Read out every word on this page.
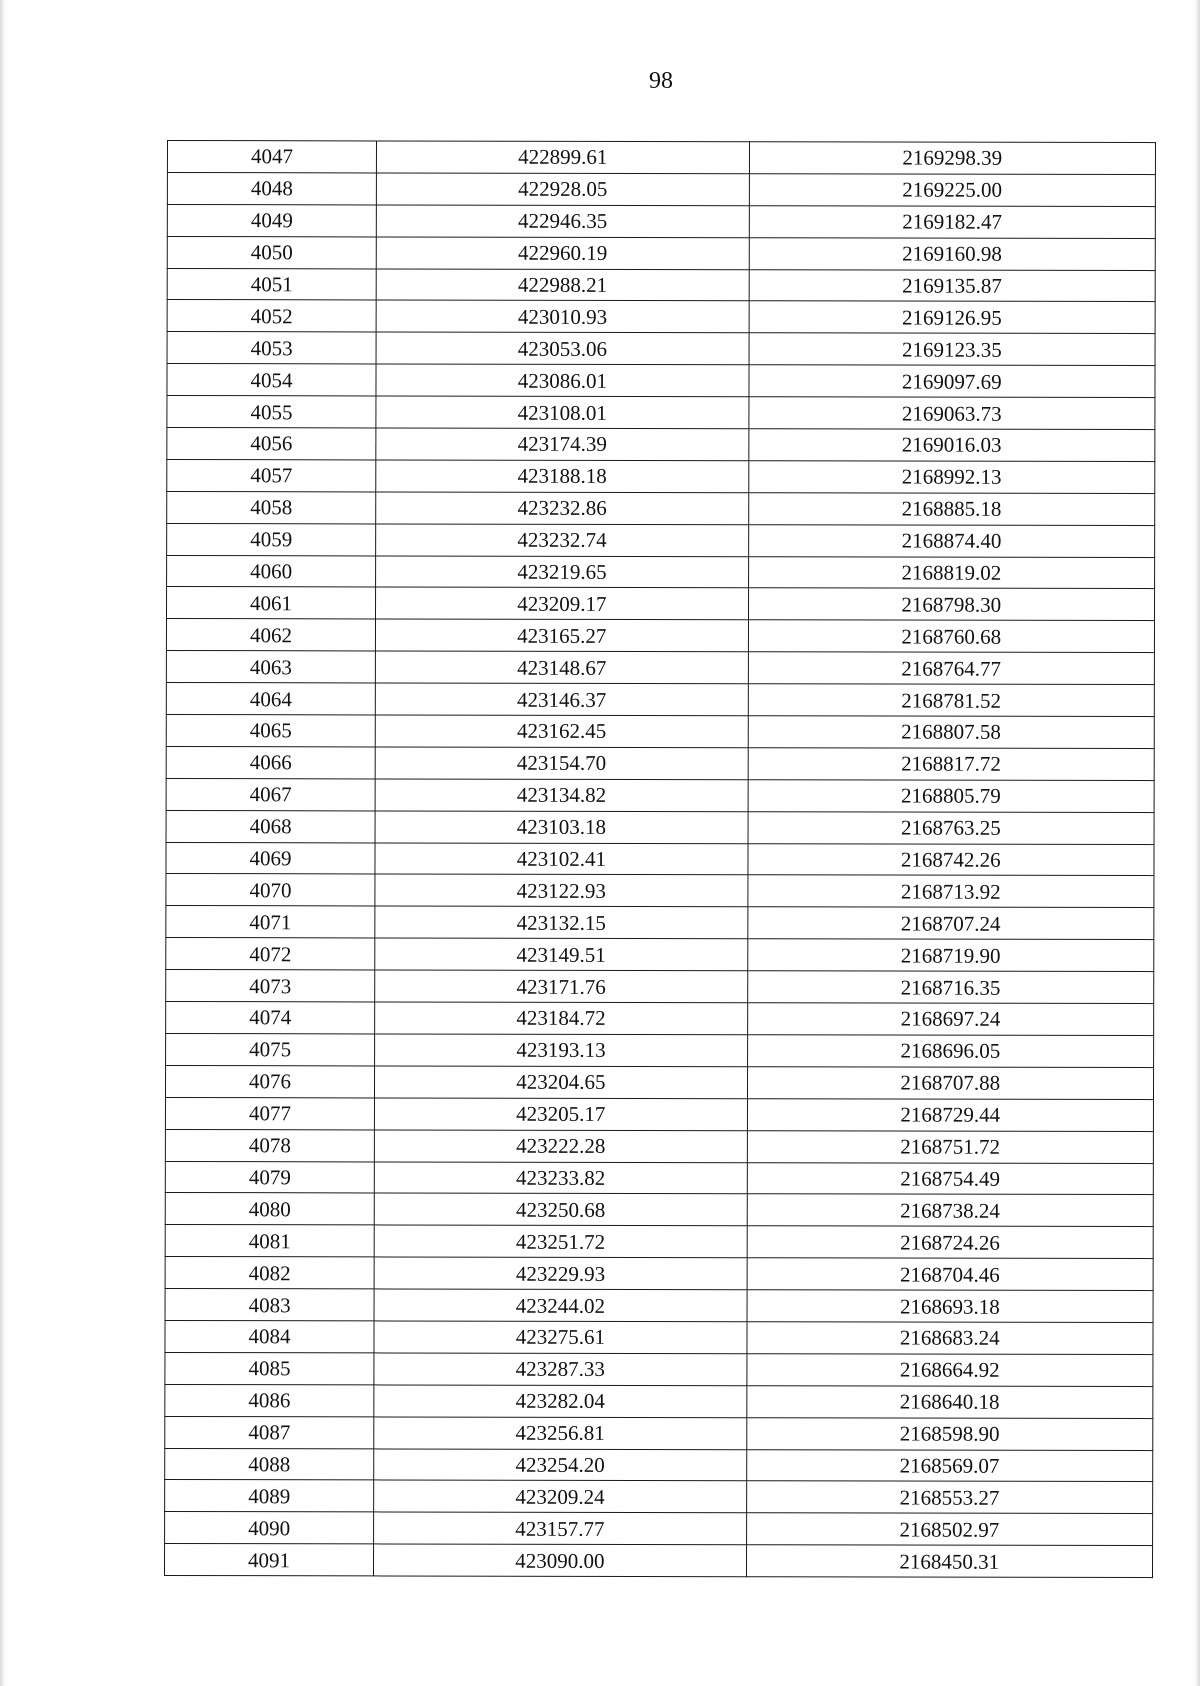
98
4047	422899.61	2169298.39
4048	422928.05	2169225.00
4049	422946.35	2169182.47
4050	422960.19	2169160.98
4051	422988.21	2169135.87
4052	423010.93	2169126.95
4053	423053.06	2169123.35
4054	423086.01	2169097.69
4055	423108.01	2169063.73
4056	423174.39	2169016.03
4057	423188.18	2168992.13
4058	423232.86	2168885.18
4059	423232.74	2168874.40
4060	423219.65	2168819.02
4061	423209.17	2168798.30
4062	423165.27	2168760.68
4063	423148.67	2168764.77
4064	423146.37	2168781.52
4065	423162.45	2168807.58
4066	423154.70	2168817.72
4067	423134.82	2168805.79
4068	423103.18	2168763.25
4069	423102.41	2168742.26
4070	423122.93	2168713.92
4071	423132.15	2168707.24
4072	423149.51	2168719.90
4073	423171.76	2168716.35
4074	423184.72	2168697.24
4075	423193.13	2168696.05
4076	423204.65	2168707.88
4077	423205.17	2168729.44
4078	423222.28	2168751.72
4079	423233.82	2168754.49
4080	423250.68	2168738.24
4081	423251.72	2168724.26
4082	423229.93	2168704.46
4083	423244.02	2168693.18
4084	423275.61	2168683.24
4085	423287.33	2168664.92
4086	423282.04	2168640.18
4087	423256.81	2168598.90
4088	423254.20	2168569.07
4089	423209.24	2168553.27
4090	423157.77	2168502.97
4091	423090.00	2168450.31
